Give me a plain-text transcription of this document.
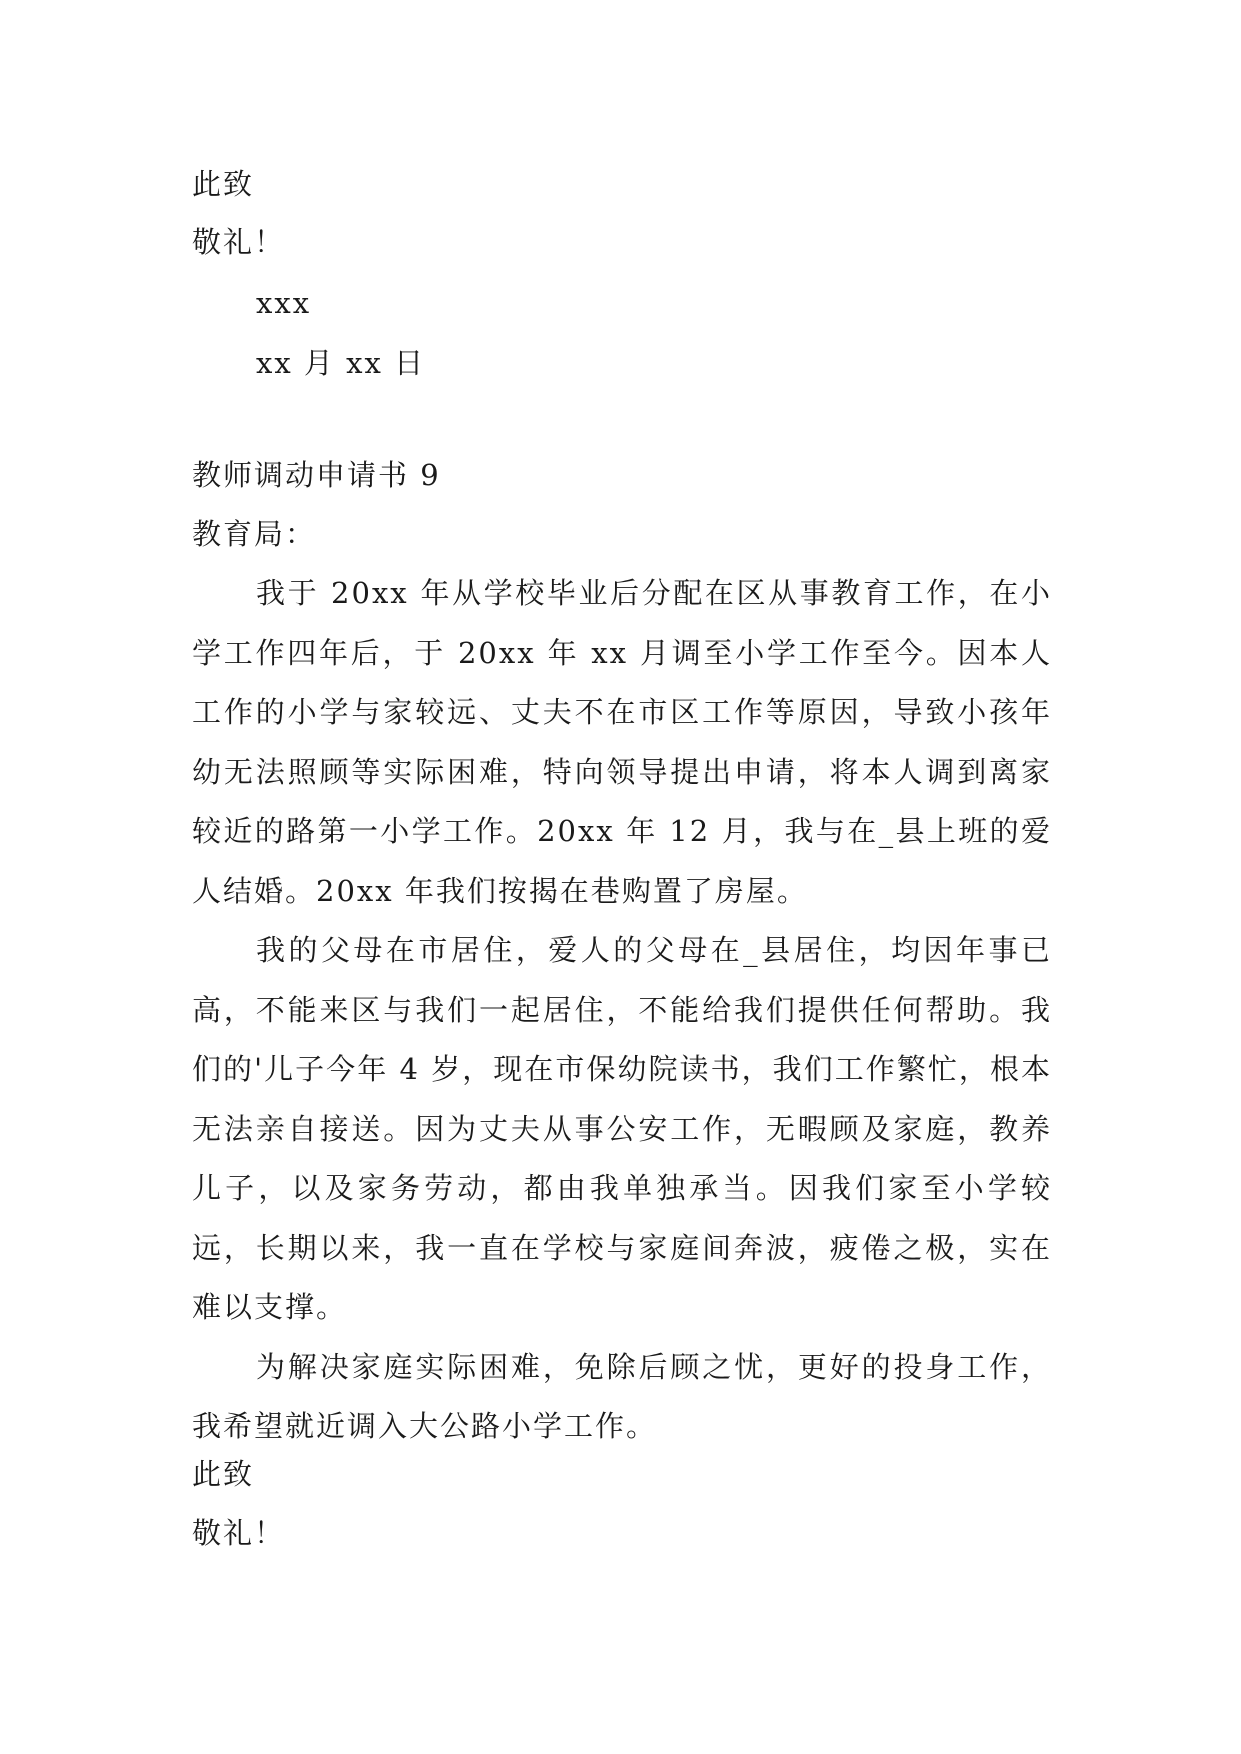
此致
敬礼！
xxx
xx 月 xx 日
教师调动申请书 9
教育局：

我于 20xx 年从学校毕业后分配在区从事教育工作，在小学工作四年后，于 20xx 年 xx 月调至小学工作至今。因本人工作的小学与家较远、丈夫不在市区工作等原因，导致小孩年幼无法照顾等实际困难，特向领导提出申请，将本人调到离家较近的路第一小学工作。20xx 年 12 月，我与在_县上班的爱人结婚。20xx 年我们按揭在巷购置了房屋。

我的父母在市居住，爱人的父母在_县居住，均因年事已高，不能来区与我们一起居住，不能给我们提供任何帮助。我们的'儿子今年 4 岁，现在市保幼院读书，我们工作繁忙，根本无法亲自接送。因为丈夫从事公安工作，无暇顾及家庭，教养儿子，以及家务劳动，都由我单独承当。因我们家至小学较远，长期以来，我一直在学校与家庭间奔波，疲倦之极，实在难以支撑。

为解决家庭实际困难，免除后顾之忧，更好的投身工作，我希望就近调入大公路小学工作。

此致
敬礼！
